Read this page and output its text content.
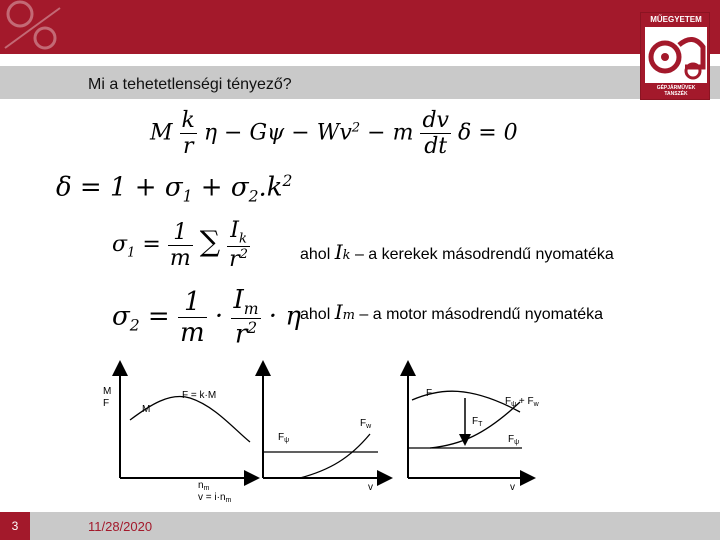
Mi a tehetetlenségi tényező?
MŰEGYETEM
GÉPJÁRMŰVEK
TANSZÉK
M $\frac{k}{r}$ $\eta - G\psi - Wv^2 - m \frac{dv}{dt}$ δ = 0
$\delta = 1 + \sigma_1 + \sigma_2.k^2$
$\sigma_1 = \frac{1}{m}$ ∑ $\frac{I_k}{r^2}$
$\sigma_2 = \frac{1}{m} \cdot \frac{I_m}{r^2} \cdot \eta$
ahol Ik – a kerekek másodrendű nyomatéka
ahol Im – a motor másodrendű nyomatéka
M
F
M
F = k·M
$n_m$
$v = i\cdot n_m$
$F_w$
$F_\psi$
v
F
$F_\psi + F_w$
$F_T$
$F_\psi$
v
3	11/28/2020
